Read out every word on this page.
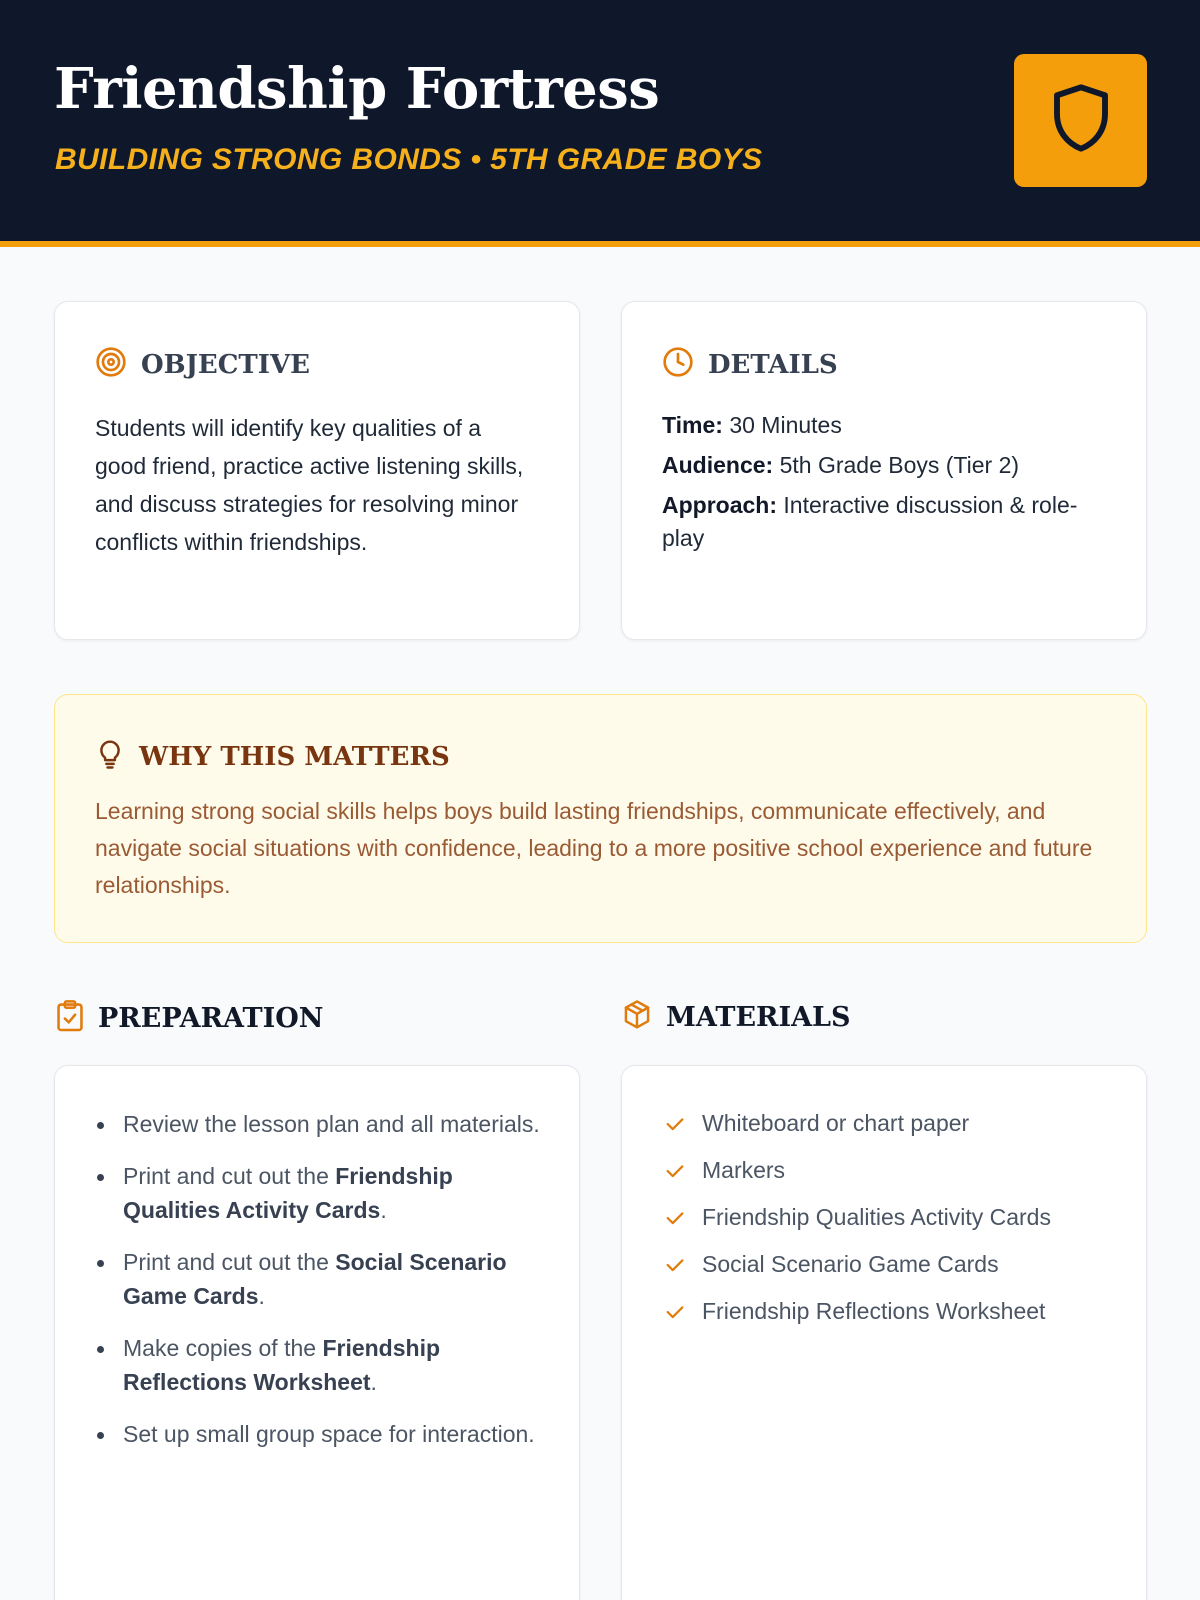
Friendship Fortress
BUILDING STRONG BONDS • 5TH GRADE BOYS
OBJECTIVE
Students will identify key qualities of a good friend, practice active listening skills, and discuss strategies for resolving minor conflicts within friendships.
DETAILS
Time: 30 Minutes
Audience: 5th Grade Boys (Tier 2)
Approach: Interactive discussion & role-play
WHY THIS MATTERS
Learning strong social skills helps boys build lasting friendships, communicate effectively, and navigate social situations with confidence, leading to a more positive school experience and future relationships.
PREPARATION
Review the lesson plan and all materials.
Print and cut out the Friendship Qualities Activity Cards.
Print and cut out the Social Scenario Game Cards.
Make copies of the Friendship Reflections Worksheet.
Set up small group space for interaction.
MATERIALS
Whiteboard or chart paper
Markers
Friendship Qualities Activity Cards
Social Scenario Game Cards
Friendship Reflections Worksheet
